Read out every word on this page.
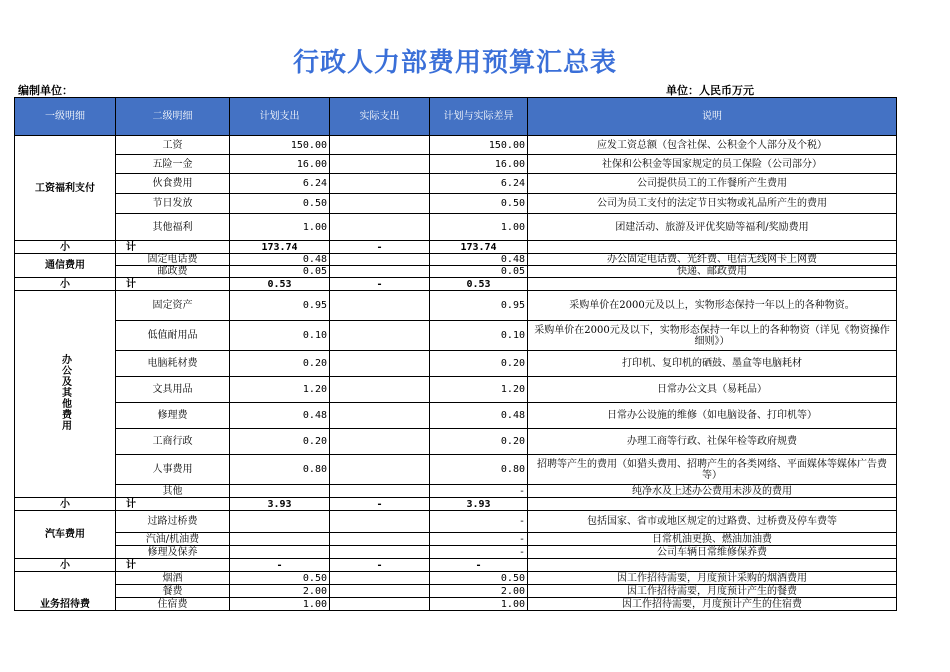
行政人力部费用预算汇总表
编制单位：	单位：人民币万元
一级明细	二级明细	计划支出	实际支出	计划与实际差异	说明
工资福利支付	工资	150.00		150.00	应发工资总额（包含社保、公积金个人部分及个税）
	五险一金	16.00		16.00	社保和公积金等国家规定的员工保险（公司部分）
	伙食费用	6.24		6.24	公司提供员工的工作餐所产生费用
	节日发放	0.50		0.50	公司为员工支付的法定节日实物或礼品所产生的费用
	其他福利	1.00		1.00	团建活动、旅游及评优奖励等福利/奖励费用
小	计	173.74	-	173.74	
通信费用	固定电话费	0.48		0.48	办公固定电话费、光纤费、电信无线网卡上网费
	邮政费	0.05		0.05	快递、邮政费用
小	计	0.53	-	0.53	
办公及其他费用	固定资产	0.95		0.95	采购单价在2000元及以上，实物形态保持一年以上的各种物资。
	低值耐用品	0.10		0.10	采购单价在2000元及以下，实物形态保持一年以上的各种物资（详见《物资操作细则》）
	电脑耗材费	0.20		0.20	打印机、复印机的硒鼓、墨盒等电脑耗材
	文具用品	1.20		1.20	日常办公文具（易耗品）
	修理费	0.48		0.48	日常办公设施的维修（如电脑设备、打印机等）
	工商行政	0.20		0.20	办理工商等行政、社保年检等政府规费
	人事费用	0.80		0.80	招聘等产生的费用（如猎头费用、招聘产生的各类网络、平面媒体等媒体广告费等）
	其他			-	纯净水及上述办公费用未涉及的费用
小	计	3.93	-	3.93	
汽车费用	过路过桥费			-	包括国家、省市或地区规定的过路费、过桥费及停车费等
	汽油/机油费			-	日常机油更换、燃油加油费
	修理及保养			-	公司车辆日常维修保养费
小	计	-	-	-	
业务招待费	烟酒	0.50		0.50	因工作招待需要，月度预计采购的烟酒费用
	餐费	2.00		2.00	因工作招待需要，月度预计产生的餐费
	住宿费	1.00		1.00	因工作招待需要，月度预计产生的住宿费
